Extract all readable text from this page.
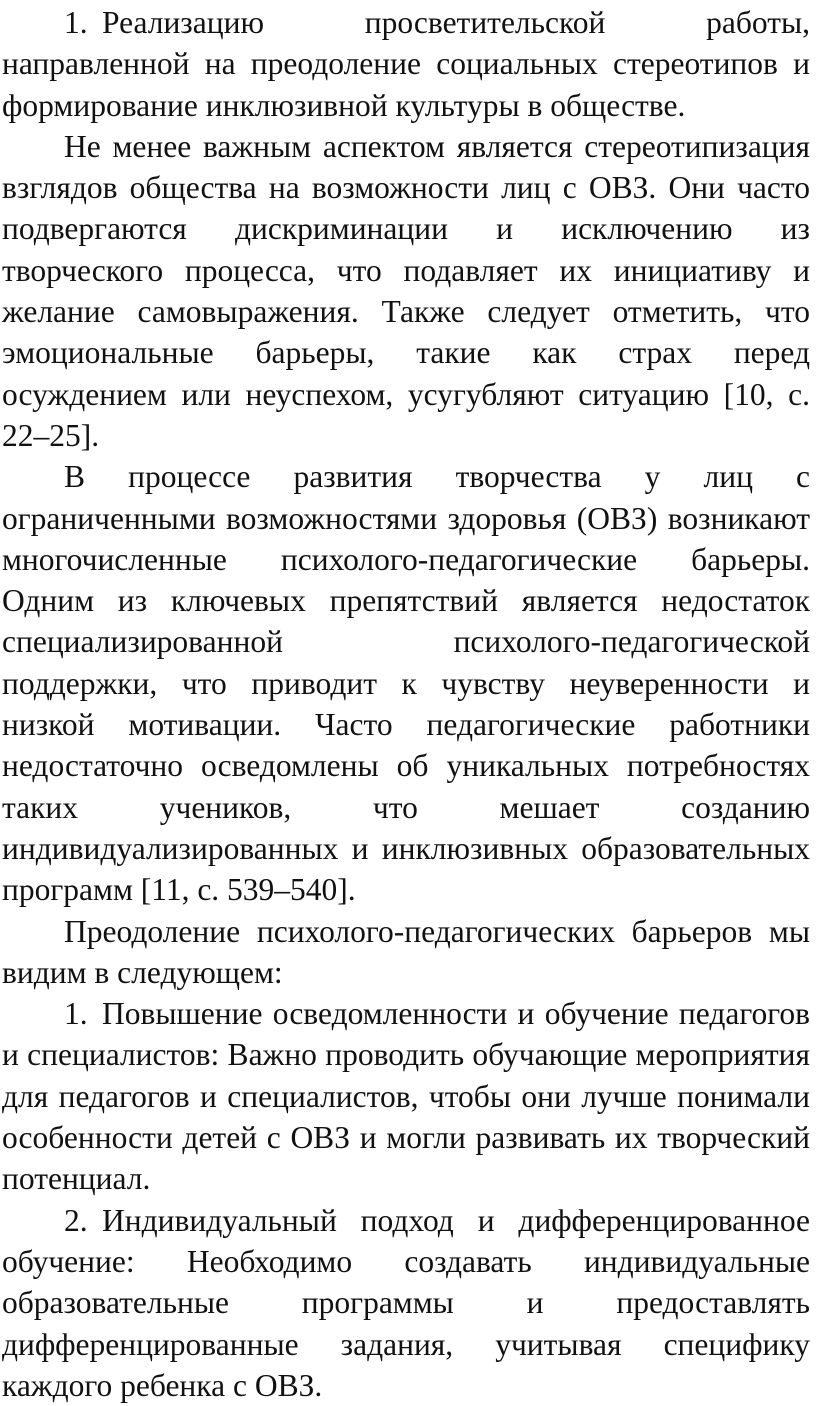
1. Реализацию просветительской работы, направленной на преодоление социальных стереотипов и формирование инклюзивной культуры в обществе.

Не менее важным аспектом является стереотипизация взглядов общества на возможности лиц с ОВЗ. Они часто подвергаются дискриминации и исключению из творческого процесса, что подавляет их инициативу и желание самовыражения. Также следует отметить, что эмоциональные барьеры, такие как страх перед осуждением или неуспехом, усугубляют ситуацию [10, с. 22–25].

В процессе развития творчества у лиц с ограниченными возможностями здоровья (ОВЗ) возникают многочисленные психолого-педагогические барьеры. Одним из ключевых препятствий является недостаток специализированной психолого-педагогической поддержки, что приводит к чувству неуверенности и низкой мотивации. Часто педагогические работники недостаточно осведомлены об уникальных потребностях таких учеников, что мешает созданию индивидуализированных и инклюзивных образовательных программ [11, с. 539–540].

Преодоление психолого-педагогических барьеров мы видим в следующем:

1. Повышение осведомленности и обучение педагогов и специалистов: Важно проводить обучающие мероприятия для педагогов и специалистов, чтобы они лучше понимали особенности детей с ОВЗ и могли развивать их творческий потенциал.

2. Индивидуальный подход и дифференцированное обучение: Необходимо создавать индивидуальные образовательные программы и предоставлять дифференцированные задания, учитывая специфику каждого ребенка с ОВЗ.
